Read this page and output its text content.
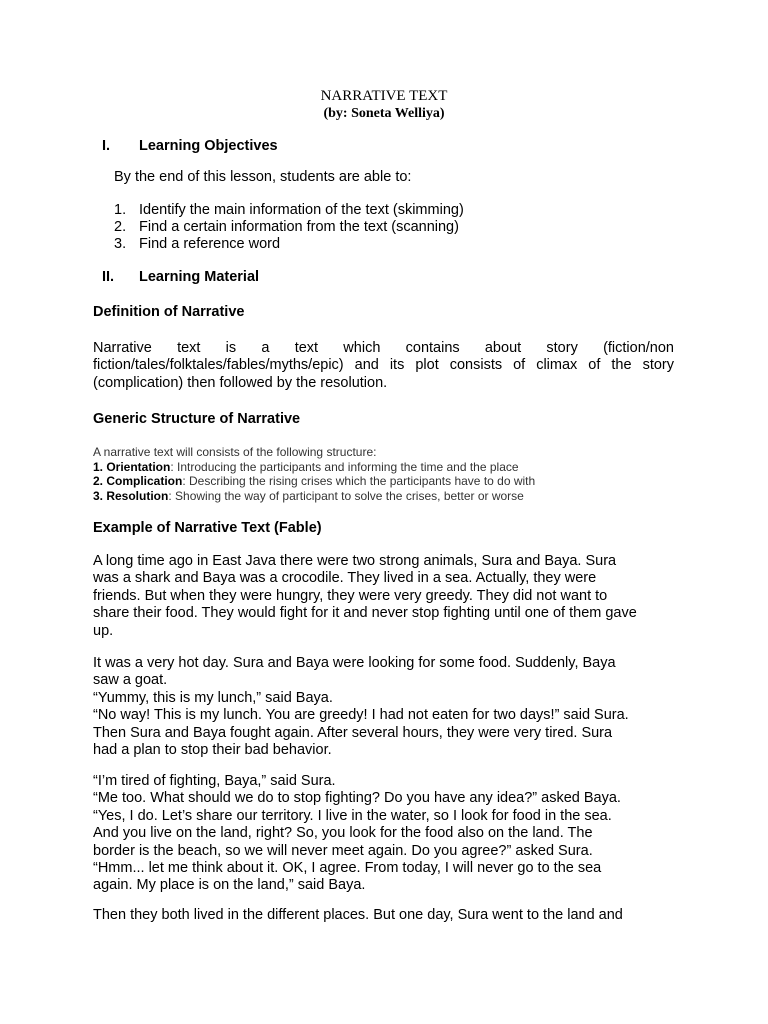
NARRATIVE TEXT
(by: Soneta Welliya)
I. Learning Objectives
By the end of this lesson, students are able to:
1. Identify the main information of the text (skimming)
2. Find a certain information from the text (scanning)
3. Find a reference word
II. Learning Material
Definition of Narrative
Narrative text is a text which contains about story (fiction/non fiction/tales/folktales/fables/myths/epic) and its plot consists of climax of the story (complication) then followed by the resolution.
Generic Structure of Narrative
A narrative text will consists of the following structure:
1. Orientation: Introducing the participants and informing the time and the place
2. Complication: Describing the rising crises which the participants have to do with
3. Resolution: Showing the way of participant to solve the crises, better or worse
Example of Narrative Text (Fable)
A long time ago in East Java there were two strong animals, Sura and Baya. Sura
was a shark and Baya was a crocodile. They lived in a sea. Actually, they were
friends. But when they were hungry, they were very greedy. They did not want to
share their food. They would fight for it and never stop fighting until one of them gave
up.
It was a very hot day. Sura and Baya were looking for some food. Suddenly, Baya
saw a goat.
“Yummy, this is my lunch,” said Baya.
“No way! This is my lunch. You are greedy! I had not eaten for two days!” said Sura.
Then Sura and Baya fought again. After several hours, they were very tired. Sura
had a plan to stop their bad behavior.
“I’m tired of fighting, Baya,” said Sura.
“Me too. What should we do to stop fighting? Do you have any idea?” asked Baya.
“Yes, I do. Let’s share our territory. I live in the water, so I look for food in the sea.
And you live on the land, right? So, you look for the food also on the land. The
border is the beach, so we will never meet again. Do you agree?” asked Sura.
“Hmm... let me think about it. OK, I agree. From today, I will never go to the sea
again. My place is on the land,” said Baya.
Then they both lived in the different places. But one day, Sura went to the land and
